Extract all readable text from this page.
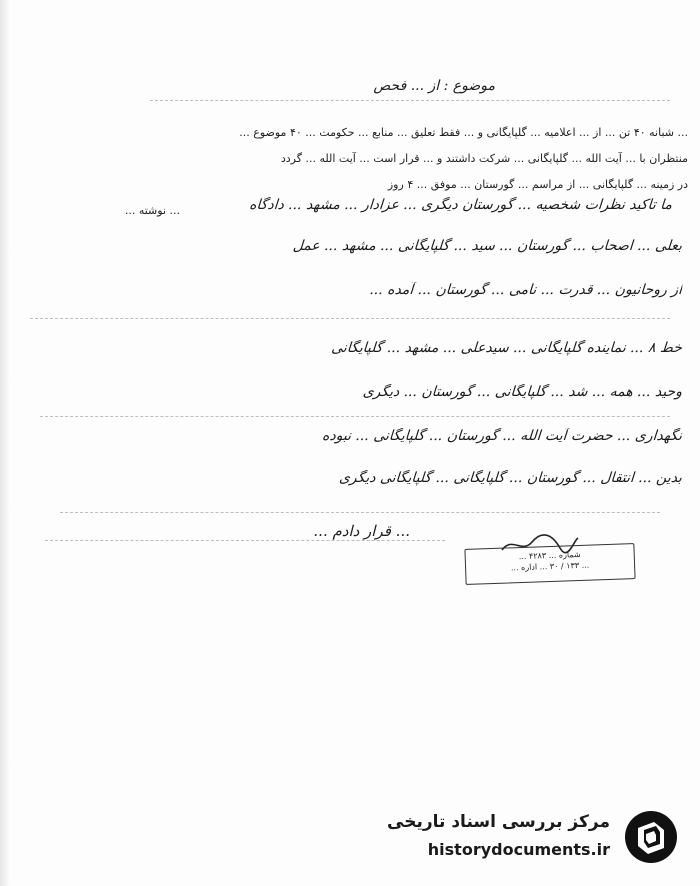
موضوع : از ... فحص
... شبانه ۴۰ تن ... از ... اعلامیه ... گلپایگانی و ... فقط تعلیق ... منابع ... حکومت ... ۴۰ موضوع ...
منتظران با ... آیت الله ... گلپایگانی ... شرکت داشتند و ... قرار است ... آیت الله ... گردد
در زمینه ... گلپایگانی ... از مراسم ... گورستان ... موفق ... ۴ روز
... نوشته ...	ما تاکید نظرات شخصیه ... گورستان دیگری ... عزادار ... مشهد ... دادگاه
بعلی ... اصحاب ... گورستان ... سید ... گلپایگانی ... مشهد ... عمل
از روحانیون ... قدرت ... نامی ... گورستان ... آمده ...
خط ۸ ... نماینده گلپایگانی ... سیدعلی ... مشهد ... گلپایگانی
وحید ... همه ... شد ... گلپایگانی ... گورستان ... دیگری
نگهداری ... حضرت آیت الله ... گورستان ... گلپایگانی ... نبوده
بدین ... انتقال ... گورستان ... گلپایگانی ... گلپایگانی دیگری
... قرار دادم ...
شماره ... ۴۲۸۳ ...
... ۱۳۳ / ۳۰ ... اداره ...
مرکز بررسی اسناد تاریخی
historydocuments.ir
